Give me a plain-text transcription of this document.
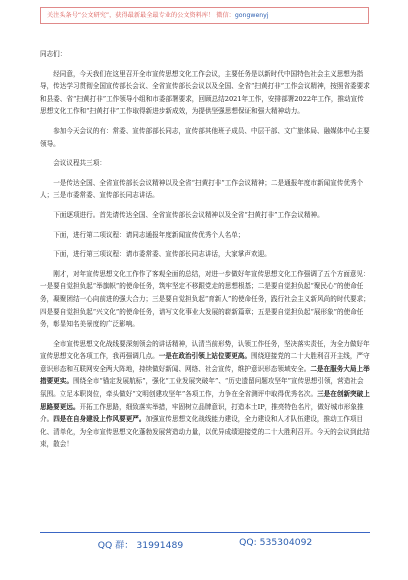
关注头条号“公文研究”，获得最新最全最专业的公文资料库！ 微信：gongwenyj
同志们：
经同意，今天我们在这里召开全市宣传思想文化工作会议，主要任务是以新时代中国特色社会主义思想为指导，传达学习贯彻全国宣传部长会议、全省宣传部长会议以及全国、全省“扫黄打非”工作会议精神，按照省委要求和县委、省“扫黄打非”工作领导小组和市委部署要求，回顾总结2021年工作，安排部署2022年工作，推动宣传思想文化工作和“扫黄打非”工作取得新进步新成效，为提供坚强思想保证和强大精神动力。
参加今天会议的有：常委、宣传部部长同志，宣传部其他班子成员、中层干部、文广旅体局、融媒体中心主要领导。
会议议程共三项：
一是传达全国、全省宣传部长会议精神以及全省“扫黄打非”工作会议精神；二是通报年度市新闻宣传优秀个人；三是市委常委、宣传部长同志讲话。
下面逐项进行。首先请传达全国、全省宣传部长会议精神以及全省“扫黄打非”工作会议精神。
下面，进行第二项议程：请同志通报年度新闻宣传优秀个人名单；
下面，进行第三项议程：请市委常委、宣传部长同志讲话，大家掌声欢迎。
刚才，对年宣传思想文化工作作了客观全面的总结，对进一步做好年宣传思想文化工作强调了五个方面意见：一是要自觉担负起“举旗帜”的使命任务，筑牢坚定不移跟党走的思想根基；二是要自觉担负起“聚民心”的使命任务，凝聚团结一心向前进的强大合力；三是要自觉担负起“育新人”的使命任务，践行社会主义新风尚的时代要求；四是要自觉担负起“兴文化”的使命任务，谱写文化事业大发展的崭新篇章；五是要自觉担负起“展形象”的使命任务，彰显知名美景度的广泛影响。
全市宣传思想文化战线要深刻领会的讲话精神，认清当前形势，认领工作任务，坚决落实责任，为全力做好年宣传思想文化各项工作，我再强调几点。一是在政治引领上站位要更高。围绕迎接党的二十大胜利召开主线，严守意识形态和互联网安全两大阵地，持续做好新闻、网络、社会宣传，维护意识形态领域安全。二是在服务大局上举措要更实。围绕全市“锚定发展航标”，强化“工业发展突破年”、“历史遗留问题攻坚年”宣传思想引领，营造社会氛围。立足本职岗位，牵头做好“文明创建攻坚年”各项工作，力争在全省测评中取得优秀名次。三是在创新突破上思路要更远。开拓工作思路，细致落实举措，牢固树立品牌意识，打造本土IP，推亮特色名片，做好城市形象推介。四是在自身建设上作风要更严。加强宣传思想文化战线能力建设，全力建设和人才队伍建设，推动工作项目化、清单化，为全市宣传思想文化蓬勃发展营造动力量，以优异成绩迎接党的二十大胜利召开。今天的会议到此结束，散会！
QQ 群： 31991489	QQ: 535304092
